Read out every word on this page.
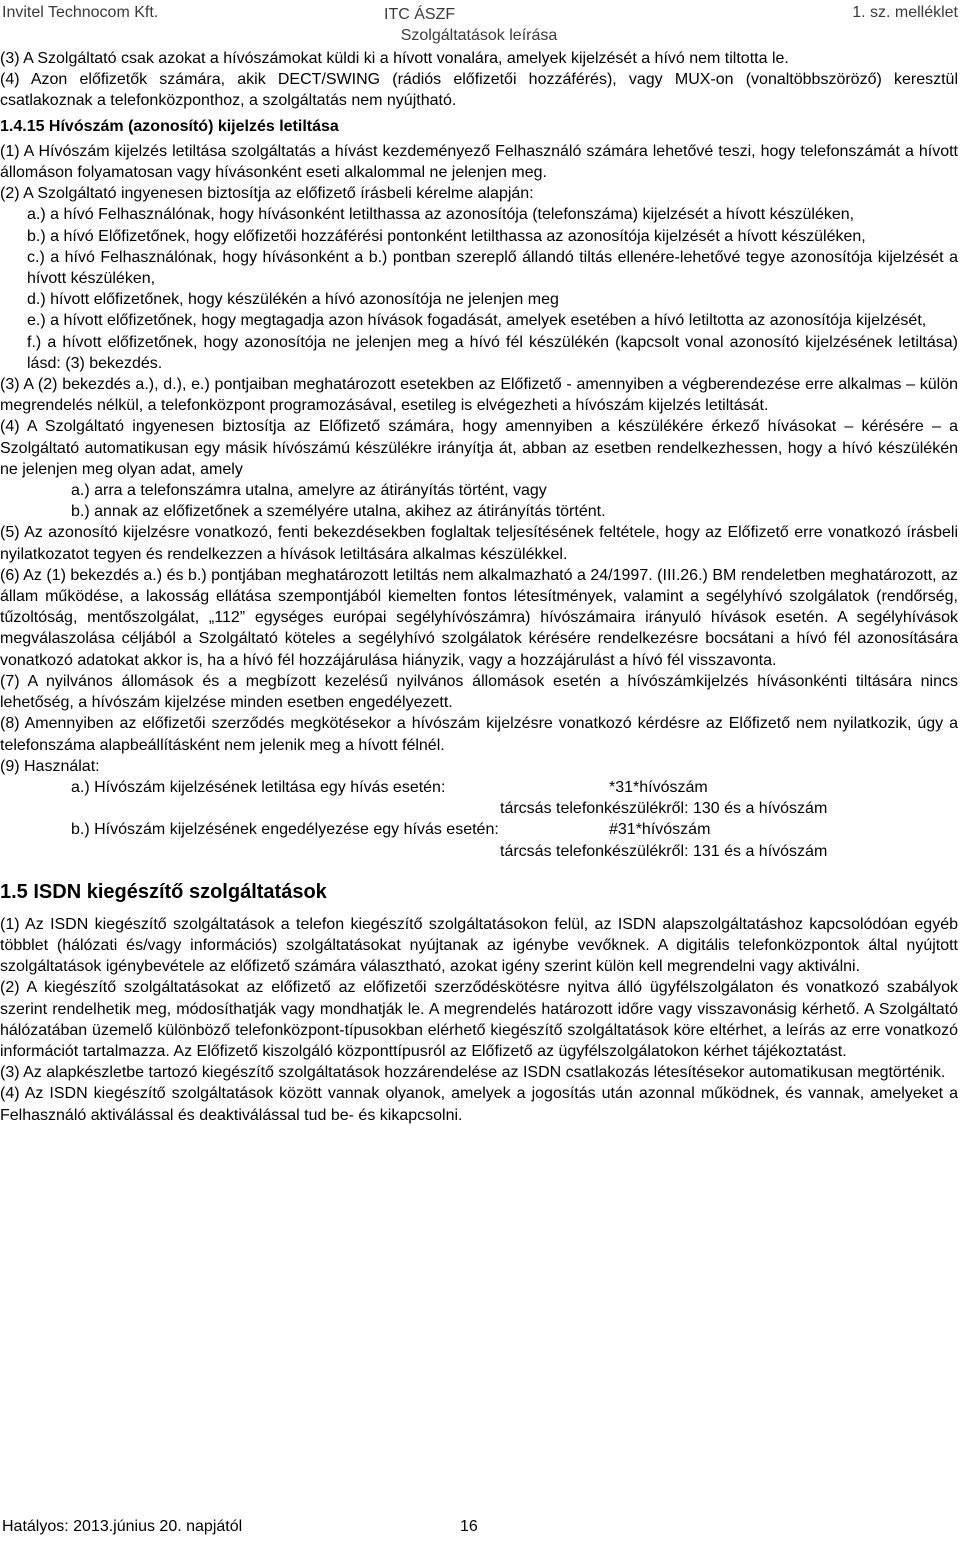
Invitel Technocom Kft.	ITC ÁSZF
Szolgáltatások leírása
1. sz. melléklet

(3) A Szolgáltató csak azokat a hívószámokat küldi ki a hívott vonalára, amelyek kijelzését a hívó nem tiltotta le.

(4) Azon előfizetők számára, akik DECT/SWING (rádiós előfizetői hozzáférés), vagy MUX-on (vonaltöbbszöröző) keresztül csatlakoznak a telefonközponthoz, a szolgáltatás nem nyújtható.

1.4.15 Hívószám (azonosító) kijelzés letiltása

(1) A Hívószám kijelzés letiltása szolgáltatás a hívást kezdeményező Felhasználó számára lehetővé teszi, hogy telefonszámát a hívott állomáson folyamatosan vagy hívásonként eseti alkalommal ne jelenjen meg.

(2) A Szolgáltató ingyenesen biztosítja az előfizető írásbeli kérelme alapján:

a.) a hívó Felhasználónak, hogy hívásonként letilthassa az azonosítója (telefonszáma) kijelzését a hívott készüléken,

b.) a hívó Előfizetőnek, hogy előfizetői hozzáférési pontonként letilthassa az azonosítója kijelzését a hívott készüléken,

c.) a hívó Felhasználónak, hogy hívásonként a b.) pontban szereplő állandó tiltás ellenére-lehetővé tegye azonosítója kijelzését a hívott készüléken,

d.) hívott előfizetőnek, hogy készülékén a hívó azonosítója ne jelenjen meg

e.) a hívott előfizetőnek, hogy megtagadja azon hívások fogadását, amelyek esetében a hívó letiltotta az azonosítója kijelzését,

f.) a hívott előfizetőnek, hogy azonosítója ne jelenjen meg a hívó fél készülékén (kapcsolt vonal azonosító kijelzésének letiltása) lásd: (3) bekezdés.

(3) A (2) bekezdés a.), d.), e.) pontjaiban meghatározott esetekben az Előfizető - amennyiben a végberendezése erre alkalmas – külön megrendelés nélkül, a telefonközpont programozásával, esetileg is elvégezheti a hívószám kijelzés letiltását.

(4) A Szolgáltató ingyenesen biztosítja az Előfizető számára, hogy amennyiben a készülékére érkező hívásokat – kérésére – a Szolgáltató automatikusan egy másik hívószámú készülékre irányítja át, abban az esetben rendelkezhessen, hogy a hívó készülékén ne jelenjen meg olyan adat, amely

a.) arra a telefonszámra utalna, amelyre az átirányítás történt, vagy

b.) annak az előfizetőnek a személyére utalna, akihez az átirányítás történt.

(5) Az azonosító kijelzésre vonatkozó, fenti bekezdésekben foglaltak teljesítésének feltétele, hogy az Előfizető erre vonatkozó írásbeli nyilatkozatot tegyen és rendelkezzen a hívások letiltására alkalmas készülékkel.

(6) Az (1) bekezdés a.) és b.) pontjában meghatározott letiltás nem alkalmazható a 24/1997. (III.26.) BM rendeletben meghatározott, az állam működése, a lakosság ellátása szempontjából kiemelten fontos létesítmények, valamint a segélyhívó szolgálatok (rendőrség, tűzoltóság, mentőszolgálat, „112” egységes európai segélyhívószámra) hívószámaira irányuló hívások esetén. A segélyhívások megválaszolása céljából a Szolgáltató köteles a segélyhívó szolgálatok kérésére rendelkezésre bocsátani a hívó fél azonosítására vonatkozó adatokat akkor is, ha a hívó fél hozzájárulása hiányzik, vagy a hozzájárulást a hívó fél visszavonta.

(7) A nyilvános állomások és a megbízott kezelésű nyilvános állomások esetén a hívószámkijelzés hívásonkénti tiltására nincs lehetőség, a hívószám kijelzése minden esetben engedélyezett.

(8) Amennyiben az előfizetői szerződés megkötésekor a hívószám kijelzésre vonatkozó kérdésre az Előfizető nem nyilatkozik, úgy a telefonszáma alapbeállításként nem jelenik meg a hívott félnél.

(9) Használat:

a.) Hívószám kijelzésének letiltása egy hívás esetén:	*31*hívószám

tárcsás telefonkészülékről: 130 és a hívószám

b.) Hívószám kijelzésének engedélyezése egy hívás esetén:	#31*hívószám

tárcsás telefonkészülékről: 131 és a hívószám

1.5 ISDN kiegészítő szolgáltatások

(1) Az ISDN kiegészítő szolgáltatások a telefon kiegészítő szolgáltatásokon felül, az ISDN alapszolgáltatáshoz kapcsolódóan egyéb többlet (hálózati és/vagy információs) szolgáltatásokat nyújtanak az igénybe vevőknek. A digitális telefonközpontok által nyújtott szolgáltatások igénybevétele az előfizető számára választható, azokat igény szerint külön kell megrendelni vagy aktiválni.

(2) A kiegészítő szolgáltatásokat az előfizető az előfizetői szerződéskötésre nyitva álló ügyfélszolgálaton és vonatkozó szabályok szerint rendelhetik meg, módosíthatják vagy mondhatják le. A megrendelés határozott időre vagy visszavonásig kérhető. A Szolgáltató hálózatában üzemelő különböző telefonközpont-típusokban elérhető kiegészítő szolgáltatások köre eltérhet, a leírás az erre vonatkozó információt tartalmazza. Az Előfizető kiszolgáló központtípusról az Előfizető az ügyfélszolgálatokon kérhet tájékoztatást.

(3) Az alapkészletbe tartozó kiegészítő szolgáltatások hozzárendelése az ISDN csatlakozás létesítésekor automatikusan megtörténik.

(4) Az ISDN kiegészítő szolgáltatások között vannak olyanok, amelyek a jogosítás után azonnal működnek, és vannak, amelyeket a Felhasználó aktiválással és deaktiválással tud be- és kikapcsolni.

Hatályos: 2013.június 20. napjától	16
